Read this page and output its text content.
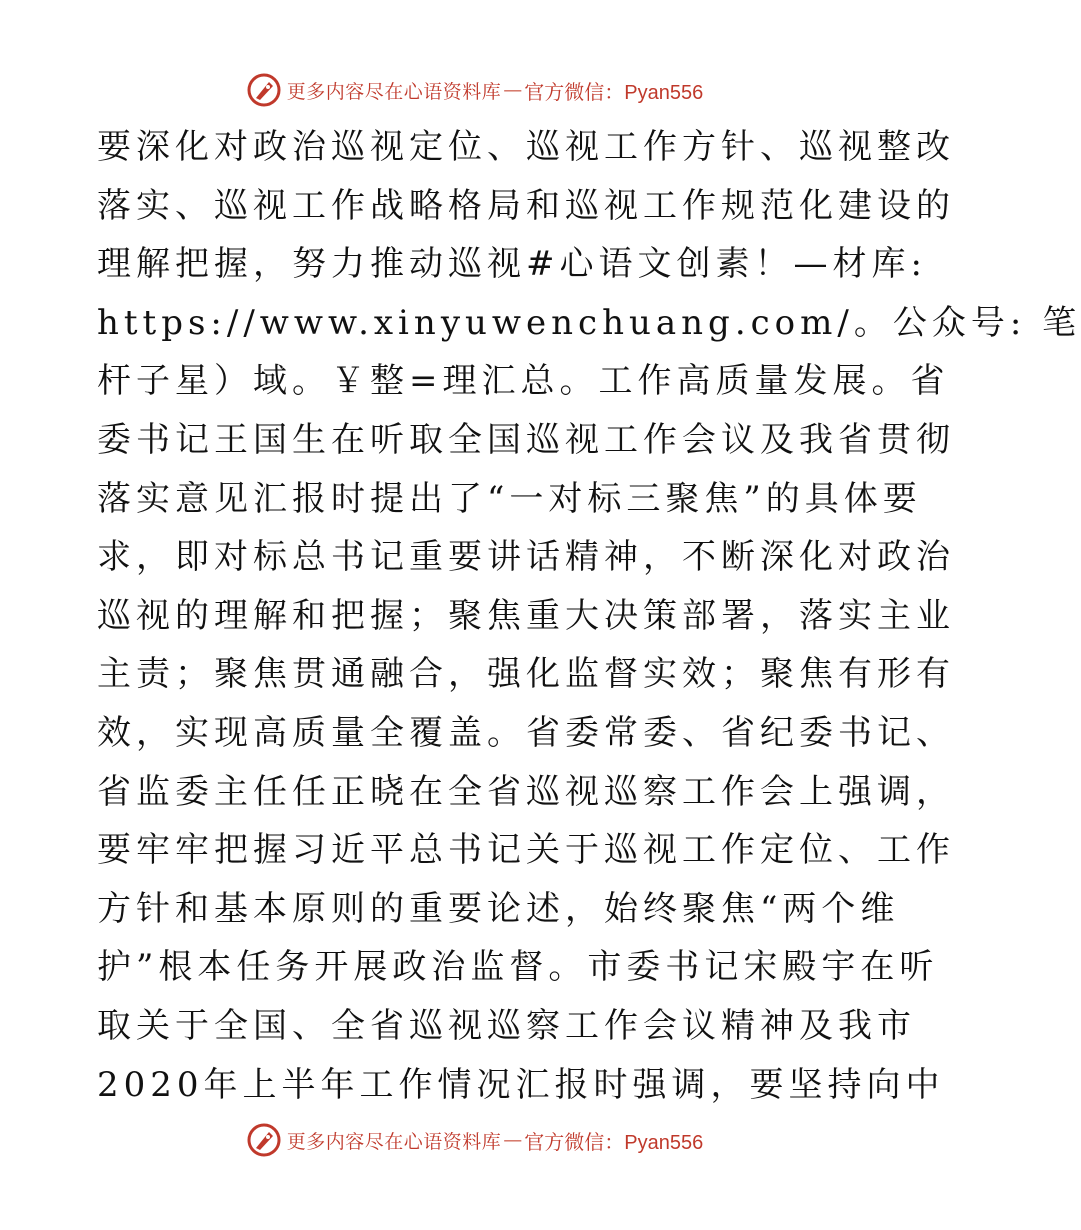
更多内容尽在心语资料库 — 官方微信：Pyan556
要深化对政治巡视定位、巡视工作方针、巡视整改
落实、巡视工作战略格局和巡视工作规范化建设的
理解把握，努力推动巡视#心语文创素！—材库:
https://www.xinyuwenchuang.com/。公众号: 笔
杆子星）域。￥整=理汇总。工作高质量发展。省
委书记王国生在听取全国巡视工作会议及我省贯彻
落实意见汇报时提出了“一对标三聚焦”的具体要
求，即对标总书记重要讲话精神，不断深化对政治
巡视的理解和把握；聚焦重大决策部署，落实主业
主责；聚焦贯通融合，强化监督实效；聚焦有形有
效，实现高质量全覆盖。省委常委、省纪委书记、
省监委主任任正晓在全省巡视巡察工作会上强调，
要牢牢把握习近平总书记关于巡视工作定位、工作
方针和基本原则的重要论述，始终聚焦“两个维
护”根本任务开展政治监督。市委书记宋殿宇在听
取关于全国、全省巡视巡察工作会议精神及我市
2020年上半年工作情况汇报时强调，要坚持向中
更多内容尽在心语资料库 — 官方微信：Pyan556
